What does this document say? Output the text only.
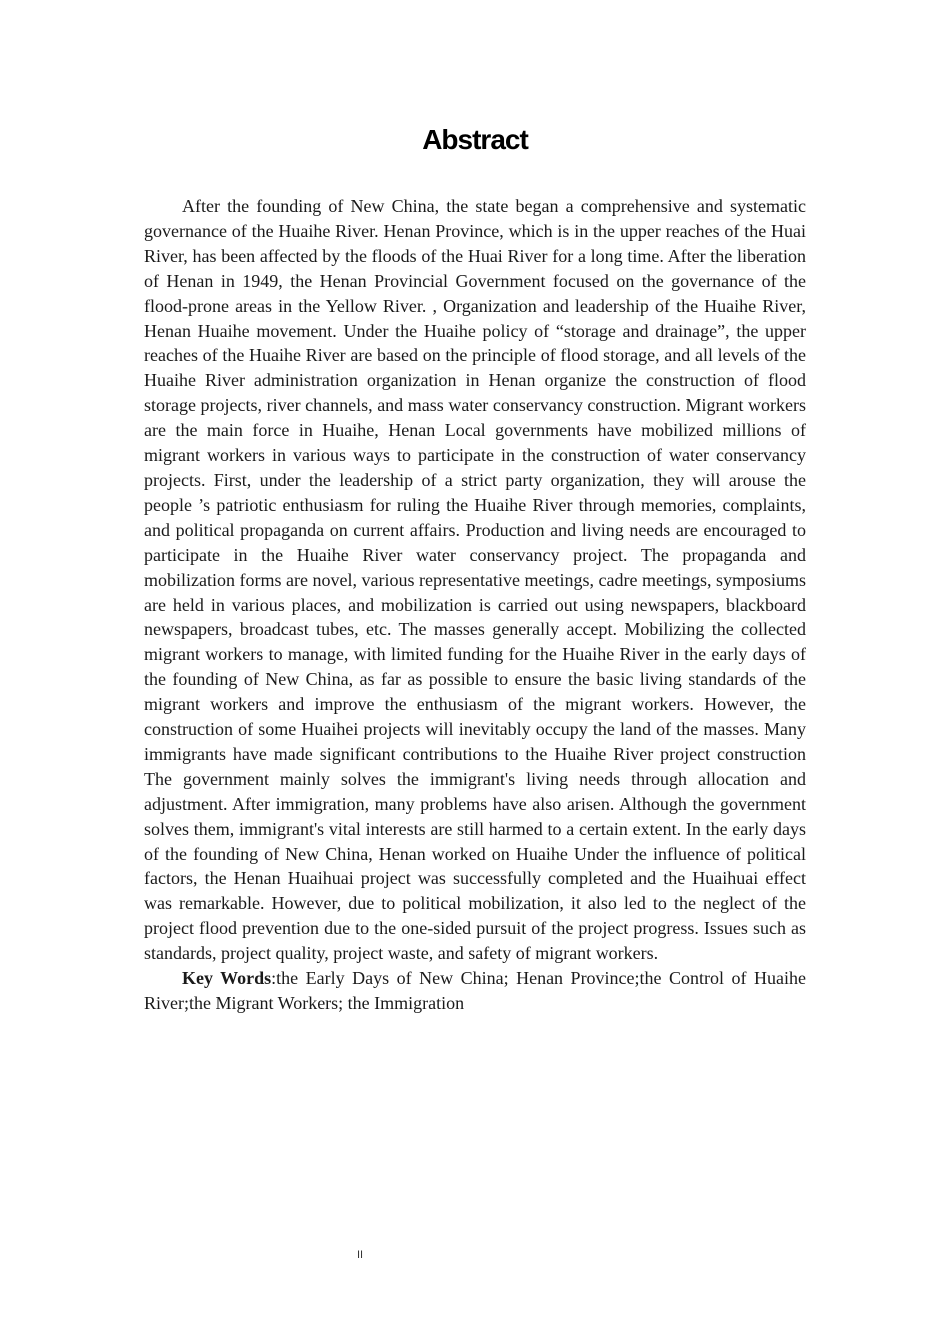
Abstract

After the founding of New China, the state began a comprehensive and systematic governance of the Huaihe River. Henan Province, which is in the upper reaches of the Huai River, has been affected by the floods of the Huai River for a long time. After the liberation of Henan in 1949, the Henan Provincial Government focused on the governance of the flood-prone areas in the Yellow River. , Organization and leadership of the Huaihe River, Henan Huaihe movement. Under the Huaihe policy of “storage and drainage”, the upper reaches of the Huaihe River are based on the principle of flood storage, and all levels of the Huaihe River administration organization in Henan organize the construction of flood storage projects, river channels, and mass water conservancy construction. Migrant workers are the main force in Huaihe, Henan Local governments have mobilized millions of migrant workers in various ways to participate in the construction of water conservancy projects. First, under the leadership of a strict party organization, they will arouse the people ’s patriotic enthusiasm for ruling the Huaihe River through memories, complaints, and political propaganda on current affairs. Production and living needs are encouraged to participate in the Huaihe River water conservancy project. The propaganda and mobilization forms are novel, various representative meetings, cadre meetings, symposiums are held in various places, and mobilization is carried out using newspapers, blackboard newspapers, broadcast tubes, etc. The masses generally accept. Mobilizing the collected migrant workers to manage, with limited funding for the Huaihe River in the early days of the founding of New China, as far as possible to ensure the basic living standards of the migrant workers and improve the enthusiasm of the migrant workers. However, the construction of some Huaihei projects will inevitably occupy the land of the masses. Many immigrants have made significant contributions to the Huaihe River project construction The government mainly solves the immigrant's living needs through allocation and adjustment. After immigration, many problems have also arisen. Although the government solves them, immigrant's vital interests are still harmed to a certain extent. In the early days of the founding of New China, Henan worked on Huaihe Under the influence of political factors, the Henan Huaihuai project was successfully completed and the Huaihuai effect was remarkable. However, due to political mobilization, it also led to the neglect of the project flood prevention due to the one-sided pursuit of the project progress. Issues such as standards, project quality, project waste, and safety of migrant workers.

Key Words:the Early Days of New China; Henan Province;the Control of Huaihe River;the Migrant Workers; the Immigration

II
